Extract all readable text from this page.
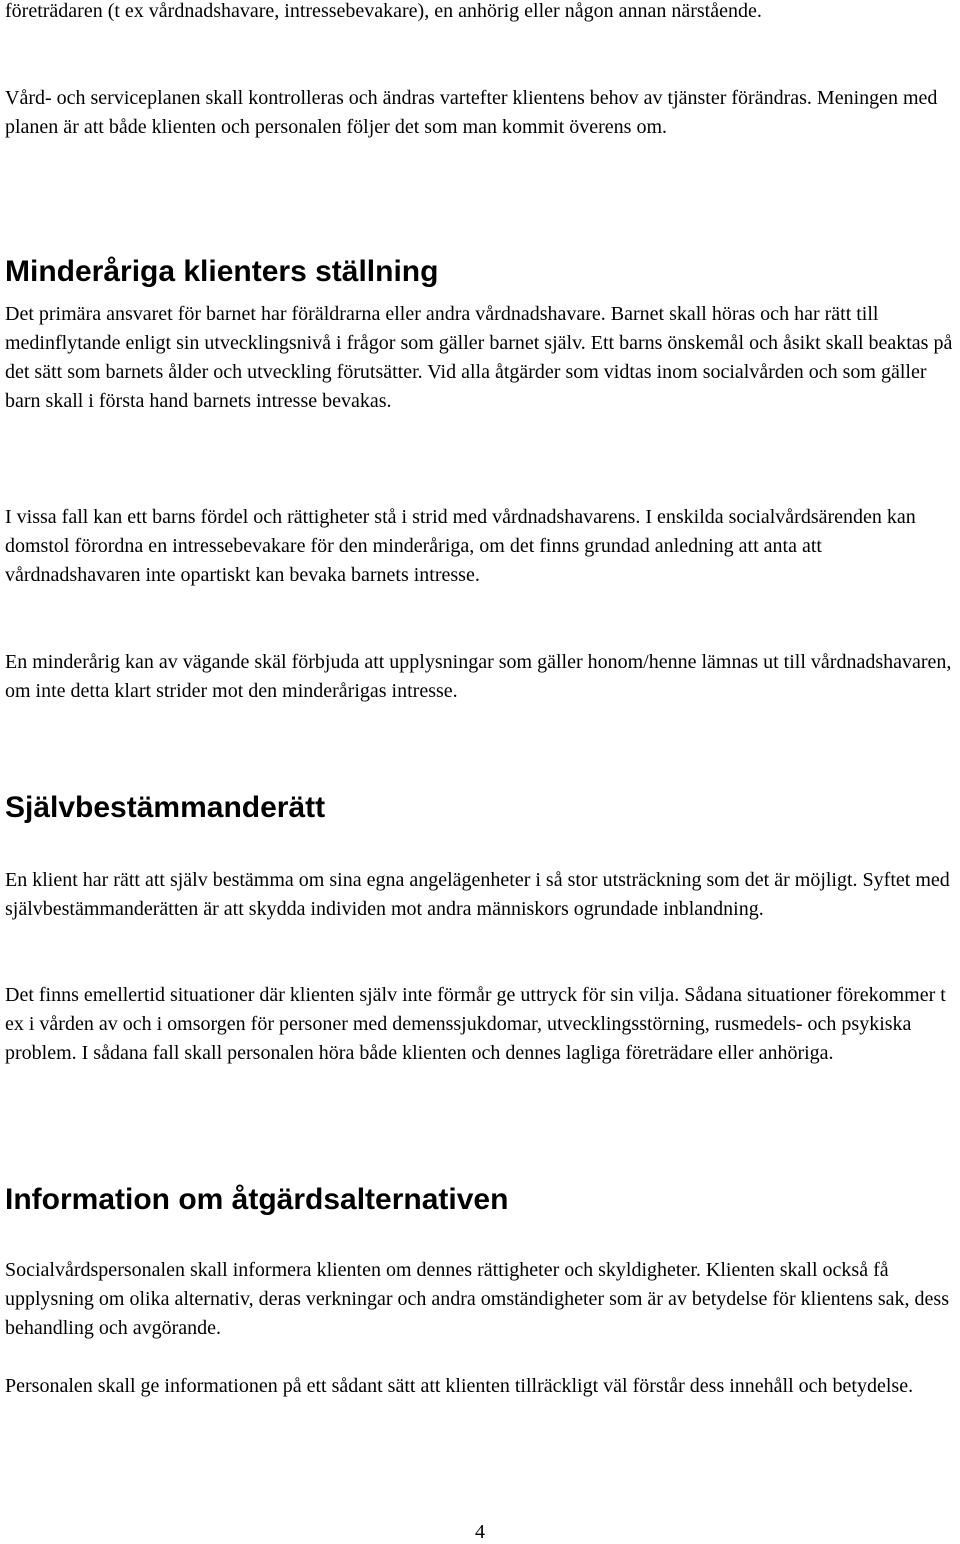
företrädaren (t ex vårdnadshavare, intressebevakare), en anhörig eller någon annan närstående.

Vård- och serviceplanen skall kontrolleras och ändras vartefter klientens behov av tjänster förändras. Meningen med planen är att både klienten och personalen följer det som man kommit överens om.

Minderåriga klienters ställning

Det primära ansvaret för barnet har föräldrarna eller andra vårdnadshavare. Barnet skall höras och har rätt till medinflytande enligt sin utvecklingsnivå i frågor som gäller barnet själv. Ett barns önskemål och åsikt skall beaktas på det sätt som barnets ålder och utveckling förutsätter. Vid alla åtgärder som vidtas inom socialvården och som gäller barn skall i första hand barnets intresse bevakas.

I vissa fall kan ett barns fördel och rättigheter stå i strid med vårdnadshavarens. I enskilda socialvårdsärenden kan domstol förordna en intressebevakare för den minderåriga, om det finns grundad anledning att anta att vårdnadshavaren inte opartiskt kan bevaka barnets intresse.

En minderårig kan av vägande skäl förbjuda att upplysningar som gäller honom/henne lämnas ut till vårdnadshavaren, om inte detta klart strider mot den minderårigas intresse.

Självbestämmanderätt

En klient har rätt att själv bestämma om sina egna angelägenheter i så stor utsträckning som det är möjligt. Syftet med självbestämmanderätten är att skydda individen mot andra människors ogrundade inblandning.

Det finns emellertid situationer där klienten själv inte förmår ge uttryck för sin vilja. Sådana situationer förekommer t ex i vården av och i omsorgen för personer med demenssjukdomar, utvecklingsstörning, rusmedels- och psykiska problem. I sådana fall skall personalen höra både klienten och dennes lagliga företrädare eller anhöriga.

Information om åtgärdsalternativen

Socialvårdspersonalen skall informera klienten om dennes rättigheter och skyldigheter. Klienten skall också få upplysning om olika alternativ, deras verkningar och andra omständigheter som är av betydelse för klientens sak, dess behandling och avgörande.

Personalen skall ge informationen på ett sådant sätt att klienten tillräckligt väl förstår dess innehåll och betydelse.

4
